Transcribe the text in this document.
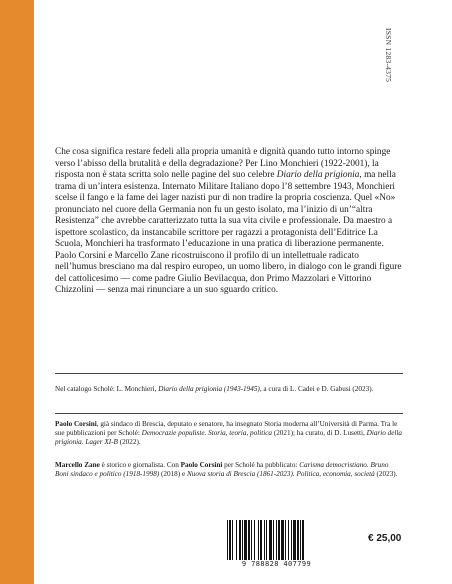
ISSN 1283-4375

Che cosa significa restare fedeli alla propria umanità e dignità quando tutto intorno spinge verso l’abisso della brutalità e della degradazione? Per Lino Monchieri (1922-2001), la risposta non è stata scritta solo nelle pagine del suo celebre Diario della prigionia, ma nella trama di un’intera esistenza. Internato Militare Italiano dopo l’8 settembre 1943, Monchieri scelse il fango e la fame dei lager nazisti pur di non tradire la propria coscienza. Quel «No» pronunciato nel cuore della Germania non fu un gesto isolato, ma l’inizio di un’“altra Resistenza” che avrebbe caratterizzato tutta la sua vita civile e professionale. Da maestro a ispettore scolastico, da instancabile scrittore per ragazzi a protagonista dell’Editrice La Scuola, Monchieri ha trasformato l’educazione in una pratica di liberazione permanente. Paolo Corsini e Marcello Zane ricostruiscono il profilo di un intellettuale radicato nell’humus bresciano ma dal respiro europeo, un uomo libero, in dialogo con le grandi figure del cattolicesimo — come padre Giulio Bevilacqua, don Primo Mazzolari e Vittorino Chizzolini — senza mai rinunciare a un suo sguardo critico.

Nel catalogo Scholé: L. Monchieri, Diario della prigionia (1943-1945), a cura di L. Cadei e D. Gabusi (2023).

Paolo Corsini, già sindaco di Brescia, deputato e senatore, ha insegnato Storia moderna all’Università di Parma. Tra le sue pubblicazioni per Scholé: Democrazie populiste. Storia, teoria, politica (2021); ha curato, di D. Lusetti, Diario della prigionia. Lager XI-B (2022).

Marcello Zane è storico e giornalista. Con Paolo Corsini per Scholé ha pubblicato: Carisma democristiano. Bruno Boni sindaco e politico (1918-1998) (2018) e Nuova storia di Brescia (1861-2023). Politica, economia, società (2023).

9 788828 407799
€ 25,00
